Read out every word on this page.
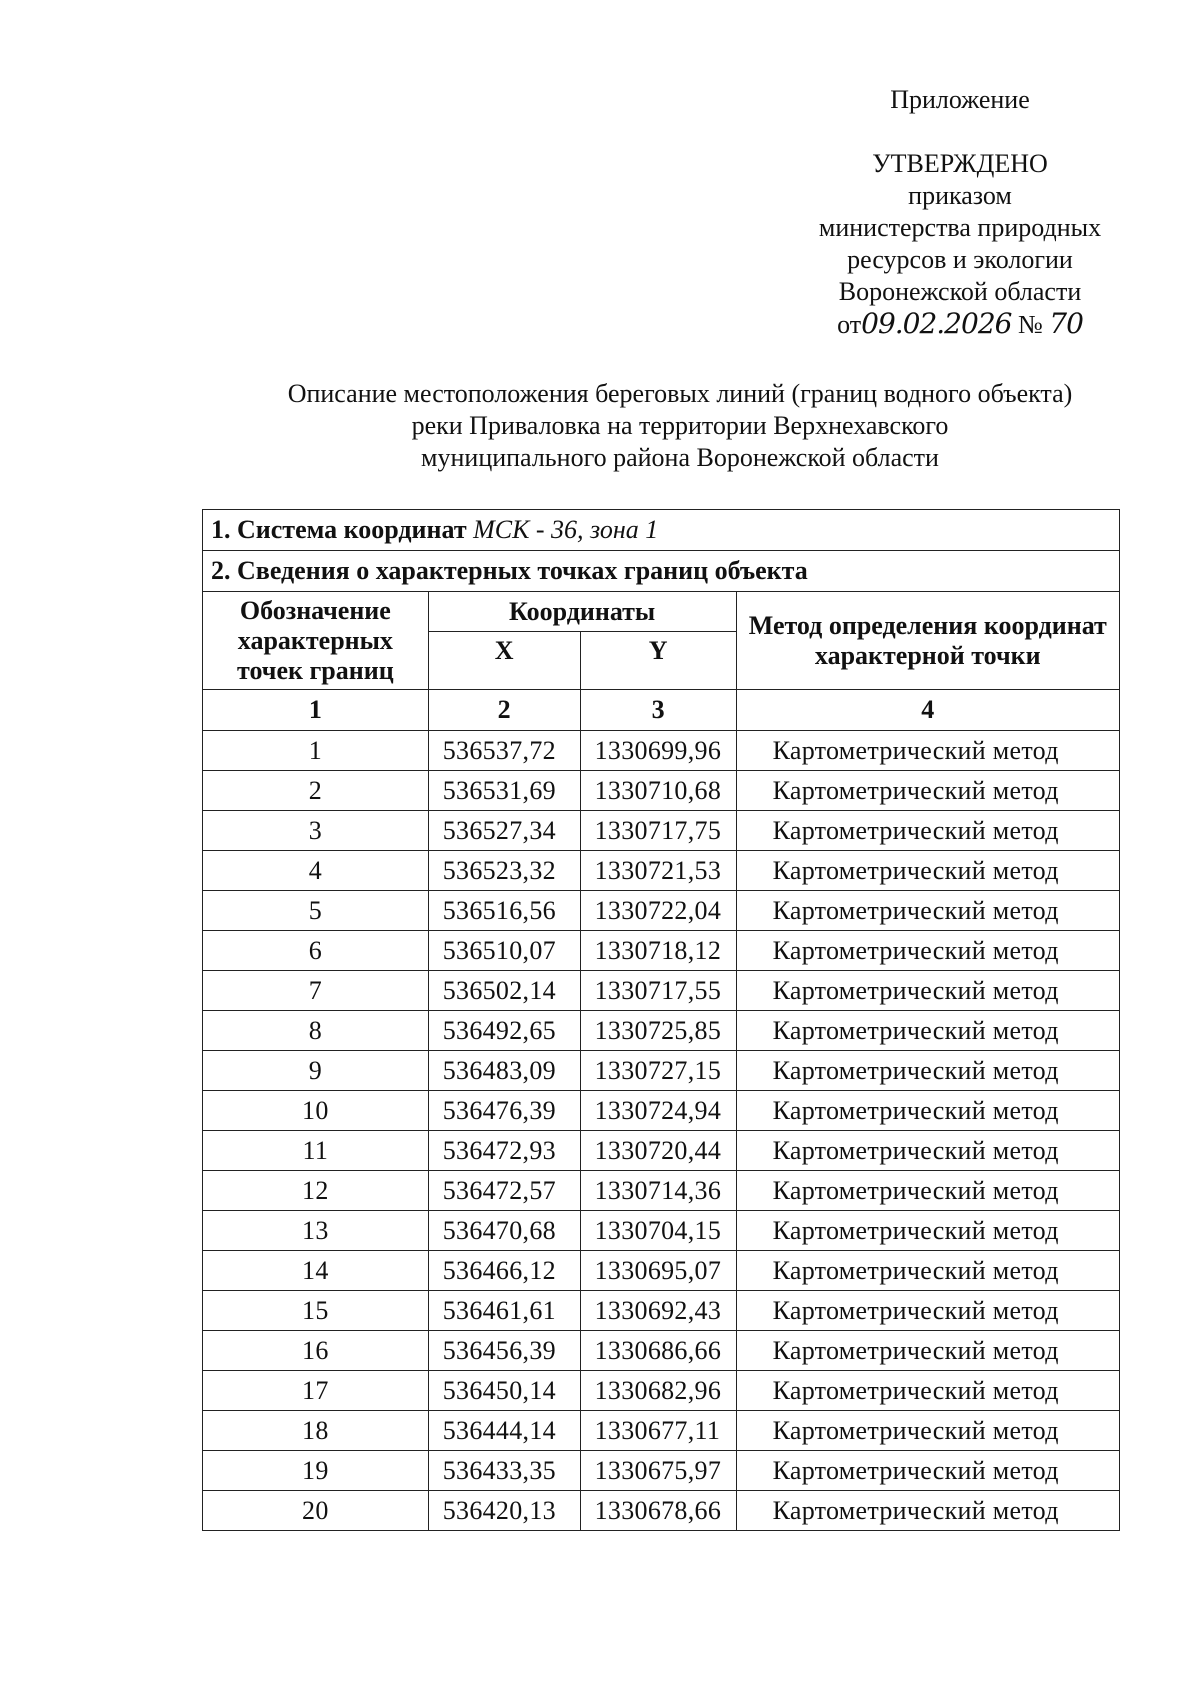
Приложение
УТВЕРЖДЕНО
приказом
министерства природных
ресурсов и экологии
Воронежской области
от09.02.2026 № 70
Описание местоположения береговых линий (границ водного объекта)
реки Приваловка на территории Верхнехавского
муниципального района Воронежской области
1. Система координат МСК - 36, зона 1			
2. Сведения о характерных точках границ объекта			
Обозначение характерных точек границ	Координаты		Метод определения координат характерной точки
	X	Y	
1	2	3	4
1	536537,72	1330699,96	Картометрический метод
2	536531,69	1330710,68	Картометрический метод
3	536527,34	1330717,75	Картометрический метод
4	536523,32	1330721,53	Картометрический метод
5	536516,56	1330722,04	Картометрический метод
6	536510,07	1330718,12	Картометрический метод
7	536502,14	1330717,55	Картометрический метод
8	536492,65	1330725,85	Картометрический метод
9	536483,09	1330727,15	Картометрический метод
10	536476,39	1330724,94	Картометрический метод
11	536472,93	1330720,44	Картометрический метод
12	536472,57	1330714,36	Картометрический метод
13	536470,68	1330704,15	Картометрический метод
14	536466,12	1330695,07	Картометрический метод
15	536461,61	1330692,43	Картометрический метод
16	536456,39	1330686,66	Картометрический метод
17	536450,14	1330682,96	Картометрический метод
18	536444,14	1330677,11	Картометрический метод
19	536433,35	1330675,97	Картометрический метод
20	536420,13	1330678,66	Картометрический метод
